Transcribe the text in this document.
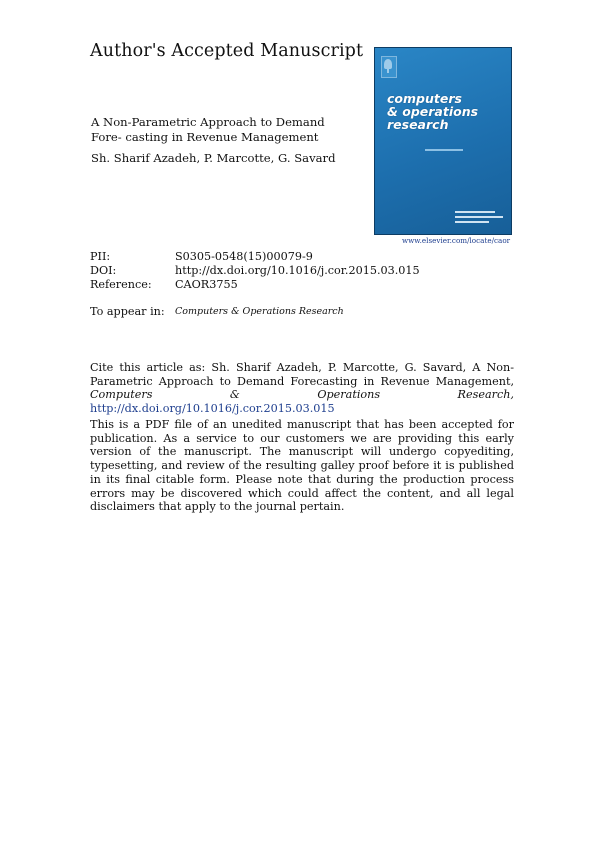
Author's Accepted Manuscript
A Non-Parametric Approach to Demand Fore- casting in Revenue Management
Sh. Sharif Azadeh, P. Marcotte, G. Savard
computers
& operations
research
www.elsevier.com/locate/caor
PII:	S0305-0548(15)00079-9
DOI:	http://dx.doi.org/10.1016/j.cor.2015.03.015
Reference: CAOR3755
To appear in: Computers & Operations Research
Cite this article as: Sh. Sharif Azadeh, P. Marcotte, G. Savard, A Non-Parametric Approach to Demand Forecasting in Revenue Management, Computers & Operations Research, http://dx.doi.org/10.1016/j.cor.2015.03.015
This is a PDF file of an unedited manuscript that has been accepted for publication. As a service to our customers we are providing this early version of the manuscript. The manuscript will undergo copyediting, typesetting, and review of the resulting galley proof before it is published in its final citable form. Please note that during the production process errors may be discovered which could affect the content, and all legal disclaimers that apply to the journal pertain.
